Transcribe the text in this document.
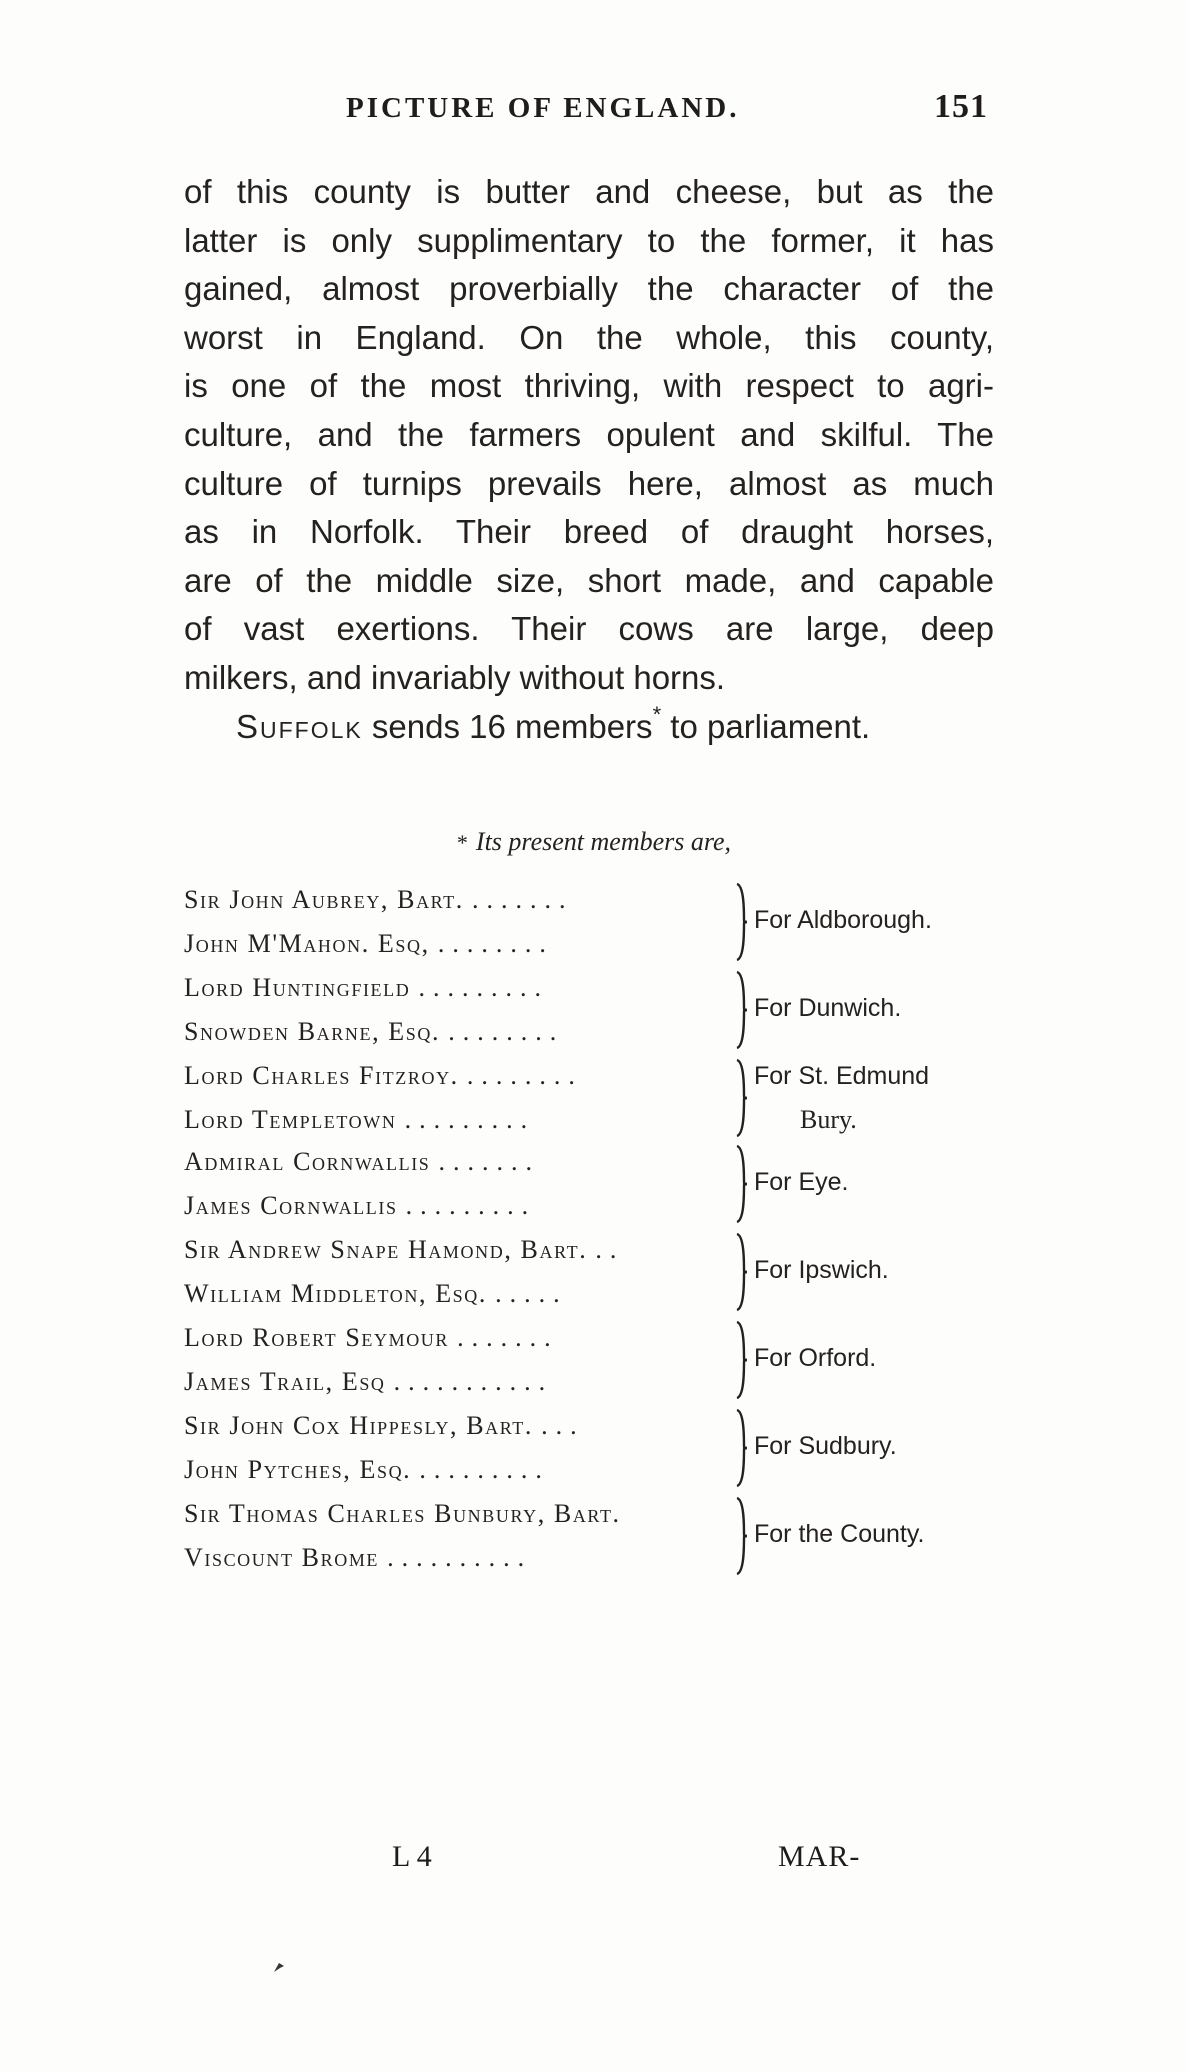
PICTURE OF ENGLAND.	151
of this county is butter and cheese, but as the
latter is only supplimentary to the former, it has
gained, almost proverbially the character of the
worst in England. On the whole, this county,
is one of the most thriving, with respect to agri-
culture, and the farmers opulent and skilful. The
culture of turnips prevails here, almost as much
as in Norfolk. Their breed of draught horses,
are of the middle size, short made, and capable
of vast exertions. Their cows are large, deep
milkers, and invariably without horns.
Suffolk sends 16 members* to parliament.
* Its present members are,
Sir John Aubrey, Bart. .......
John M'Mahon. Esq, ........
For Aldborough.
Lord Huntingfield .........
Snowden Barne, Esq. ........
For Dunwich.
Lord Charles Fitzroy. ........
Lord Templetown .........
For St. Edmund
Bury.
Admiral Cornwallis .......
James Cornwallis .........
For Eye.
Sir Andrew Snape Hamond, Bart. ..
William Middleton, Esq. .....
For Ipswich.
Lord Robert Seymour .......
James Trail, Esq ...........
For Orford.
Sir John Cox Hippesly, Bart. ...
John Pytches, Esq. .........
For Sudbury.
Sir Thomas Charles Bunbury, Bart.
Viscount Brome ..........
For the County.
L 4	MAR-
